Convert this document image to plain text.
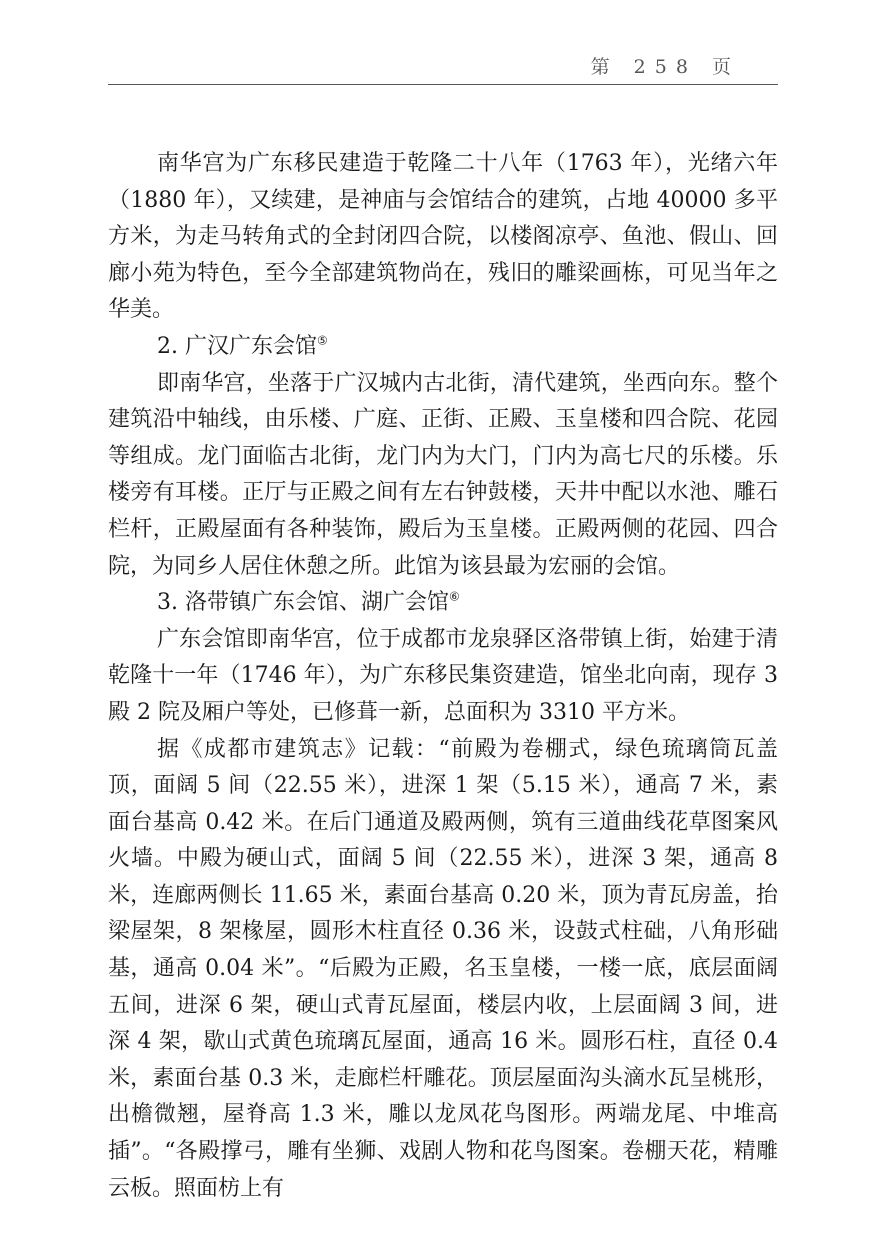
第 258 页

南华宫为广东移民建造于乾隆二十八年（1763 年），光绪六年（1880 年），又续建，是神庙与会馆结合的建筑，占地 40000 多平方米，为走马转角式的全封闭四合院，以楼阁凉亭、鱼池、假山、回廊小苑为特色，至今全部建筑物尚在，残旧的雕梁画栋，可见当年之华美。

2. 广汉广东会馆⑤

即南华宫，坐落于广汉城内古北街，清代建筑，坐西向东。整个建筑沿中轴线，由乐楼、广庭、正街、正殿、玉皇楼和四合院、花园等组成。龙门面临古北街，龙门内为大门，门内为高七尺的乐楼。乐楼旁有耳楼。正厅与正殿之间有左右钟鼓楼，天井中配以水池、雕石栏杆，正殿屋面有各种装饰，殿后为玉皇楼。正殿两侧的花园、四合院，为同乡人居住休憩之所。此馆为该县最为宏丽的会馆。

3. 洛带镇广东会馆、湖广会馆⑥

广东会馆即南华宫，位于成都市龙泉驿区洛带镇上街，始建于清乾隆十一年（1746 年），为广东移民集资建造，馆坐北向南，现存 3 殿 2 院及厢户等处，已修葺一新，总面积为 3310 平方米。

据《成都市建筑志》记载：“前殿为卷棚式，绿色琉璃筒瓦盖顶，面阔 5 间（22.55 米），进深 1 架（5.15 米），通高 7 米，素面台基高 0.42 米。在后门通道及殿两侧，筑有三道曲线花草图案风火墙。中殿为硬山式，面阔 5 间（22.55 米），进深 3 架，通高 8 米，连廊两侧长 11.65 米，素面台基高 0.20 米，顶为青瓦房盖，抬梁屋架，8 架椽屋，圆形木柱直径 0.36 米，设鼓式柱础，八角形础基，通高 0.04 米”。“后殿为正殿，名玉皇楼，一楼一底，底层面阔五间，进深 6 架，硬山式青瓦屋面，楼层内收，上层面阔 3 间，进深 4 架，歇山式黄色琉璃瓦屋面，通高 16 米。圆形石柱，直径 0.4 米，素面台基 0.3 米，走廊栏杆雕花。顶层屋面沟头滴水瓦呈桃形，出檐微翘，屋脊高 1.3 米，雕以龙凤花鸟图形。两端龙尾、中堆高插”。“各殿撑弓，雕有坐狮、戏剧人物和花鸟图案。卷棚天花，精雕云板。照面枋上有
